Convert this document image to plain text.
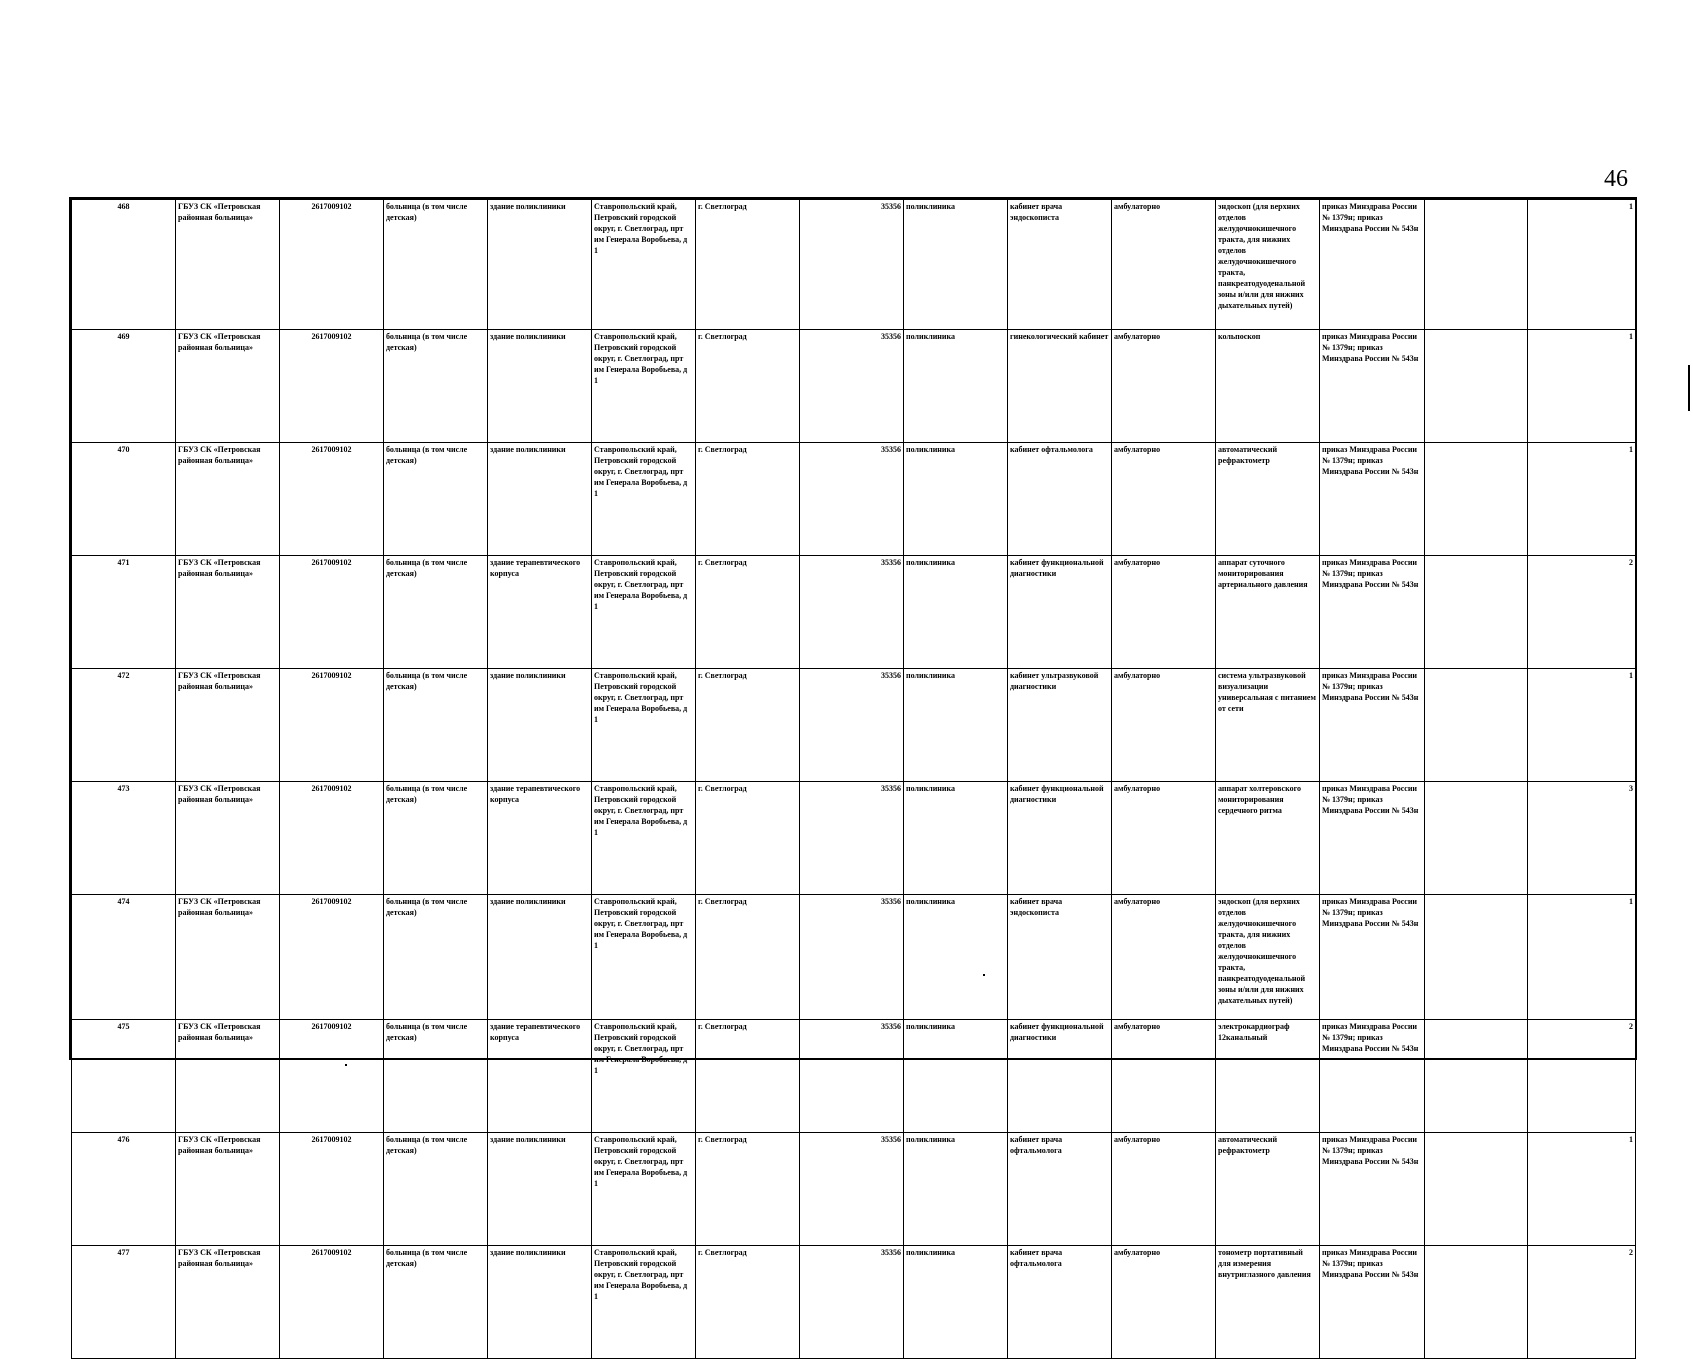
46
468	ГБУЗ СК «Петровская районная больница»	2617009102	больница (в том числе детская)	здание поликлиники	Ставропольский край, Петровский городской округ, г. Светлоград, прт им Генерала Воробьева, д 1	г. Светлоград	35356	поликлиника	кабинет врача эндоскописта	амбулаторно	эндоскоп (для верхних отделов желудочнокишечного тракта, для нижних отделов желудочнокишечного тракта, панкреатодуоденальной зоны и/или для нижних дыхательных путей)	приказ Минздрава России № 1379н; приказ Минздрава России № 543н		1	
469	ГБУЗ СК «Петровская районная больница»	2617009102	больница (в том числе детская)	здание поликлиники	Ставропольский край, Петровский городской округ, г. Светлоград, прт им Генерала Воробьева, д 1	г. Светлоград	35356	поликлиника	гинекологический кабинет	амбулаторно	кольпоскоп	приказ Минздрава России № 1379н; приказ Минздрава России № 543н		1	
470	ГБУЗ СК «Петровская районная больница»	2617009102	больница (в том числе детская)	здание поликлиники	Ставропольский край, Петровский городской округ, г. Светлоград, прт им Генерала Воробьева, д 1	г. Светлоград	35356	поликлиника	кабинет офтальмолога	амбулаторно	автоматический рефрактометр	приказ Минздрава России № 1379н; приказ Минздрава России № 543н		1	
471	ГБУЗ СК «Петровская районная больница»	2617009102	больница (в том числе детская)	здание терапевтического корпуса	Ставропольский край, Петровский городской округ, г. Светлоград, прт им Генерала Воробьева, д 1	г. Светлоград	35356	поликлиника	кабинет функциональной диагностики	амбулаторно	аппарат суточного мониторирования артериального давления	приказ Минздрава России № 1379н; приказ Минздрава России № 543н		2	
472	ГБУЗ СК «Петровская районная больница»	2617009102	больница (в том числе детская)	здание поликлиники	Ставропольский край, Петровский городской округ, г. Светлоград, прт им Генерала Воробьева, д 1	г. Светлоград	35356	поликлиника	кабинет ультразвуковой диагностики	амбулаторно	система ультразвуковой визуализации универсальная с питанием от сети	приказ Минздрава России № 1379н; приказ Минздрава России № 543н		1	
473	ГБУЗ СК «Петровская районная больница»	2617009102	больница (в том числе детская)	здание терапевтического корпуса	Ставропольский край, Петровский городской округ, г. Светлоград, прт им Генерала Воробьева, д 1	г. Светлоград	35356	поликлиника	кабинет функциональной диагностики	амбулаторно	аппарат холтеровского мониторирования сердечного ритма	приказ Минздрава России № 1379н; приказ Минздрава России № 543н		3	
474	ГБУЗ СК «Петровская районная больница»	2617009102	больница (в том числе детская)	здание поликлиники	Ставропольский край, Петровский городской округ, г. Светлоград, прт им Генерала Воробьева, д 1	г. Светлоград	35356	поликлиника	кабинет врача эндоскописта	амбулаторно	эндоскоп (для верхних отделов желудочнокишечного тракта, для нижних отделов желудочнокишечного тракта, панкреатодуоденальной зоны и/или для нижних дыхательных путей)	приказ Минздрава России № 1379н; приказ Минздрава России № 543н		1	
475	ГБУЗ СК «Петровская районная больница»	2617009102	больница (в том числе детская)	здание терапевтического корпуса	Ставропольский край, Петровский городской округ, г. Светлоград, прт им Генерала Воробьева, д 1	г. Светлоград	35356	поликлиника	кабинет функциональной диагностики	амбулаторно	электрокардиограф 12канальный	приказ Минздрава России № 1379н; приказ Минздрава России № 543н		2	
476	ГБУЗ СК «Петровская районная больница»	2617009102	больница (в том числе детская)	здание поликлиники	Ставропольский край, Петровский городской округ, г. Светлоград, прт им Генерала Воробьева, д 1	г. Светлоград	35356	поликлиника	кабинет врача офтальмолога	амбулаторно	автоматический рефрактометр	приказ Минздрава России № 1379н; приказ Минздрава России № 543н		1	
477	ГБУЗ СК «Петровская районная больница»	2617009102	больница (в том числе детская)	здание поликлиники	Ставропольский край, Петровский городской округ, г. Светлоград, прт им Генерала Воробьева, д 1	г. Светлоград	35356	поликлиника	кабинет врача офтальмолога	амбулаторно	тонометр портативный для измерения внутриглазного давления	приказ Минздрава России № 1379н; приказ Минздрава России № 543н		2	
